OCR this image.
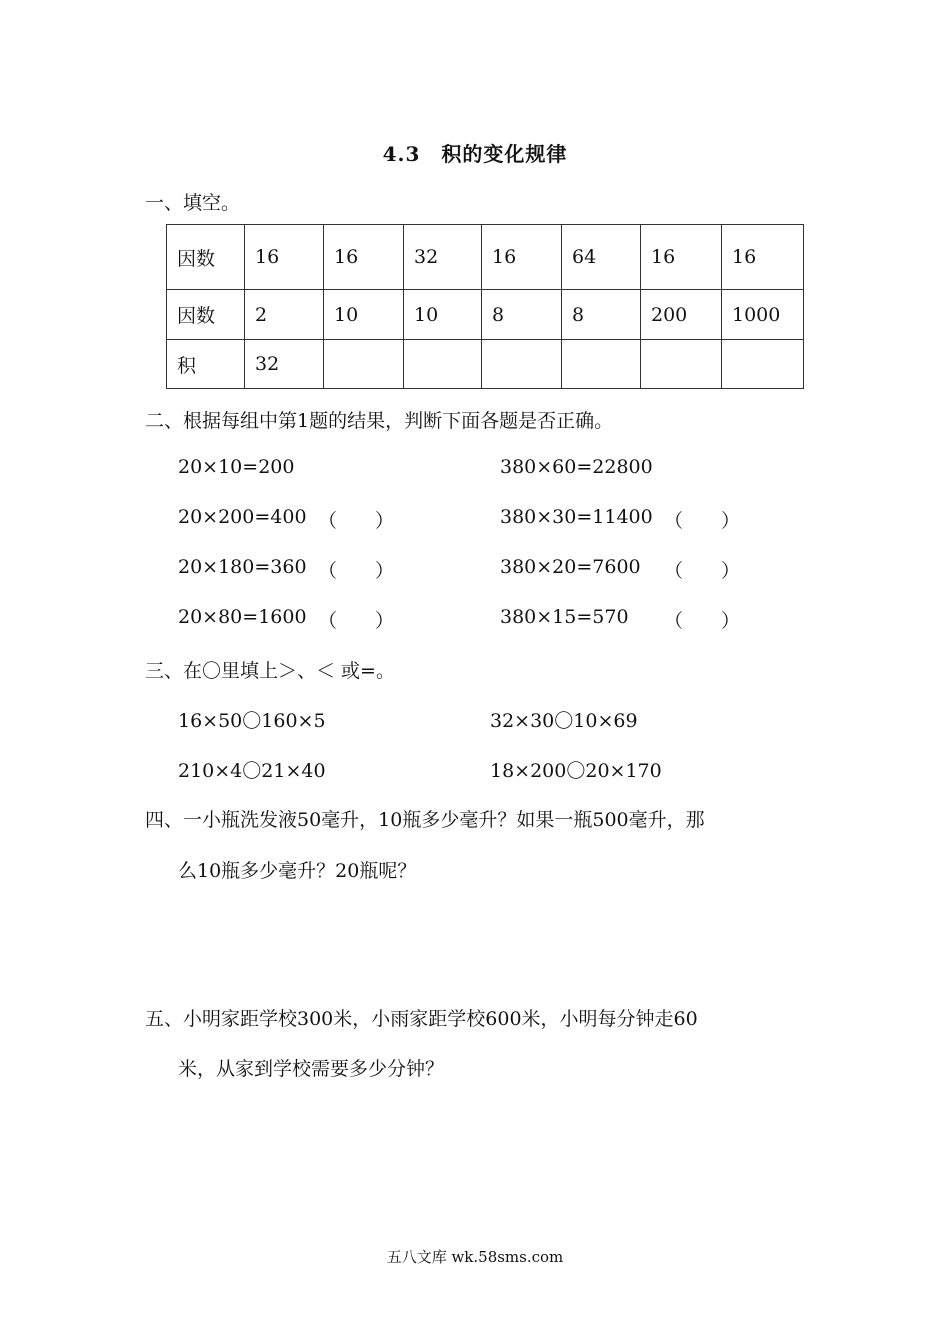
4.3　积的变化规律
一、填空。
因数	16	16	32	16	64	16	16
因数	2	10	10	8	8	200	1000
积	32						
二、根据每组中第1题的结果，判断下面各题是否正确。
20×10=200	380×60=22800
20×200=400 （　　）	380×30=11400 （　　）
20×180=360 （　　）	380×20=7600 （　　）
20×80=1600 （　　）	380×15=570 （　　）
三、在〇里填上＞、＜ 或=。
16×50〇160×5	32×30〇10×69
210×4〇21×40	18×200〇20×170
四、一小瓶洗发液50毫升，10瓶多少毫升？如果一瓶500毫升，那
么10瓶多少毫升？20瓶呢？
五、小明家距学校300米，小雨家距学校600米，小明每分钟走60
米，从家到学校需要多少分钟？
五八文库 wk.58sms.com
